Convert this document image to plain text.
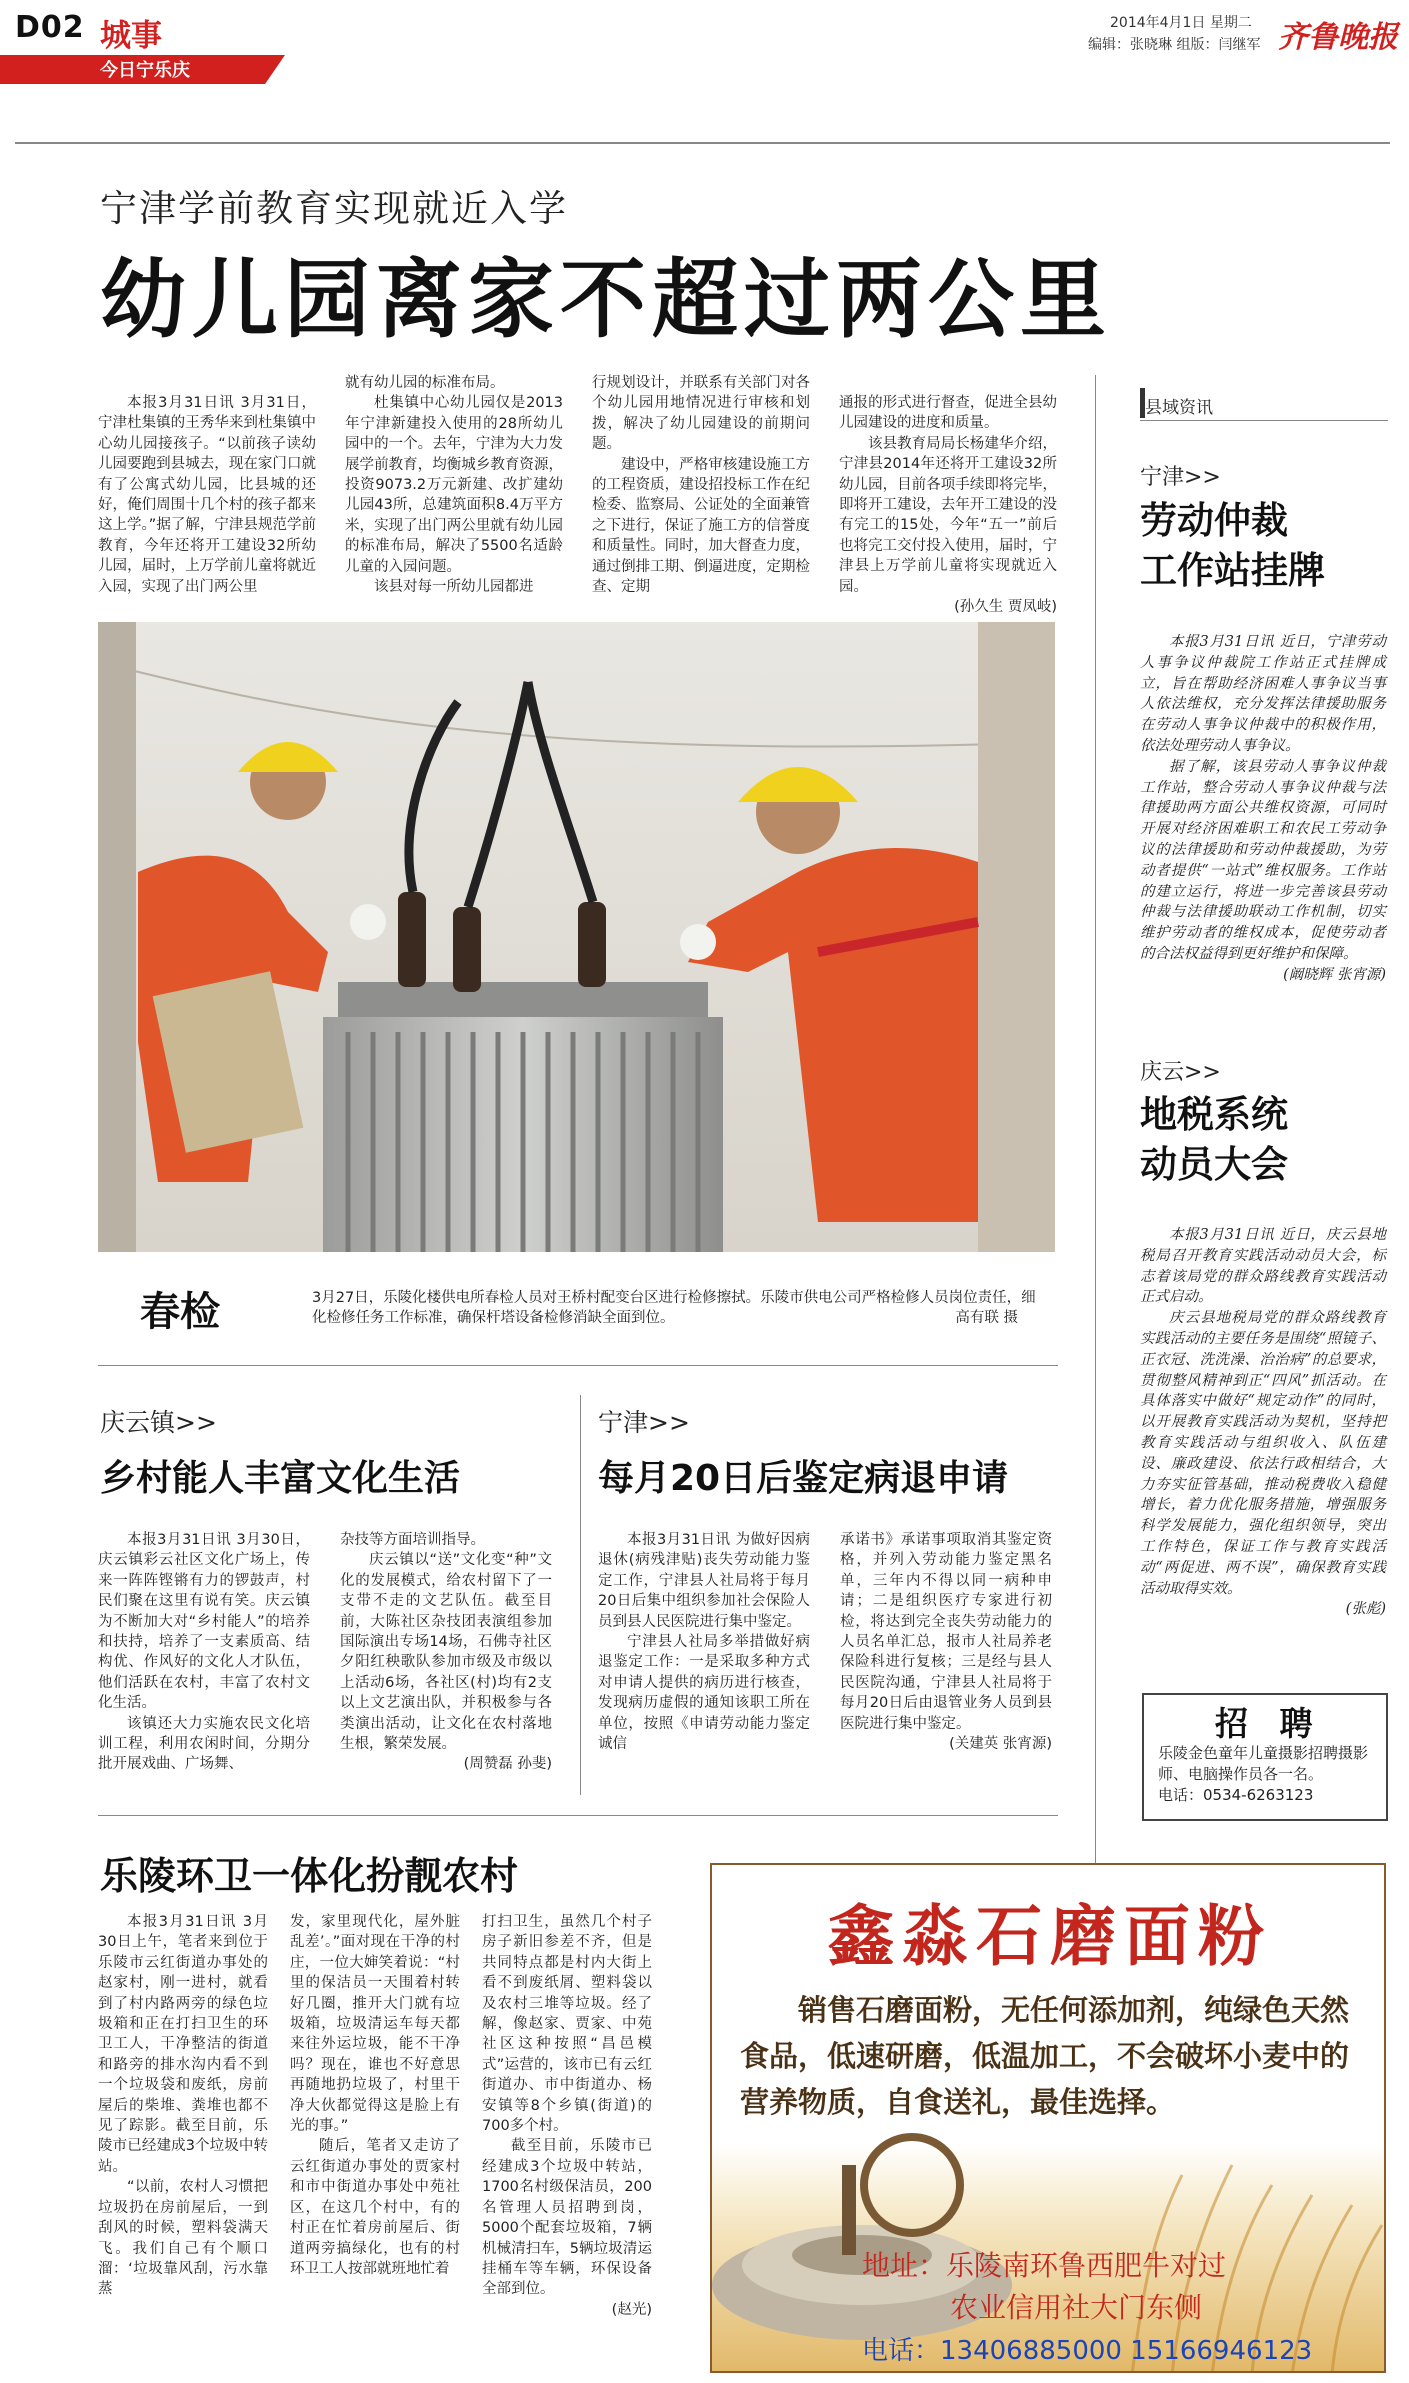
D02 城事
今日宁乐庆
2014年4月1日 星期二
编辑：张晓琳 组版：闫继军 齐鲁晚报
宁津学前教育实现就近入学
幼儿园离家不超过两公里

本报3月31日讯 3月31日，宁津杜集镇的王秀华来到杜集镇中心幼儿园接孩子。“以前孩子读幼儿园要跑到县城去，现在家门口就有了公寓式幼儿园，比县城的还好，俺们周围十几个村的孩子都来这上学。”据了解，宁津县规范学前教育，今年还将开工建设32所幼儿园，届时，上万学前儿童将就近入园，实现了出门两公里

就有幼儿园的标准布局。

杜集镇中心幼儿园仅是2013年宁津新建投入使用的28所幼儿园中的一个。去年，宁津为大力发展学前教育，均衡城乡教育资源，投资9073.2万元新建、改扩建幼儿园43所，总建筑面积8.4万平方米，实现了出门两公里就有幼儿园的标准布局，解决了5500名适龄儿童的入园问题。

该县对每一所幼儿园都进

行规划设计，并联系有关部门对各个幼儿园用地情况进行审核和划拨，解决了幼儿园建设的前期问题。

建设中，严格审核建设施工方的工程资质，建设招投标工作在纪检委、监察局、公证处的全面兼管之下进行，保证了施工方的信誉度和质量性。同时，加大督查力度，通过倒排工期、倒逼进度，定期检查、定期

通报的形式进行督查，促进全县幼儿园建设的进度和质量。

该县教育局局长杨建华介绍，宁津县2014年还将开工建设32所幼儿园，目前各项手续即将完毕，即将开工建设，去年开工建设的没有完工的15处，今年“五一”前后也将完工交付投入使用，届时，宁津县上万学前儿童将实现就近入园。

(孙久生 贾凤岐)
春检	3月27日，乐陵化楼供电所春检人员对王桥村配变台区进行检修擦拭。乐陵市供电公司严格检修人员岗位责任，细化检修任务工作标准，确保杆塔设备检修消缺全面到位。	高有联 摄
县域资讯
宁津>>
劳动仲裁
工作站挂牌

本报3月31日讯 近日，宁津劳动人事争议仲裁院工作站正式挂牌成立，旨在帮助经济困难人事争议当事人依法维权，充分发挥法律援助服务在劳动人事争议仲裁中的积极作用，依法处理劳动人事争议。

据了解，该县劳动人事争议仲裁工作站，整合劳动人事争议仲裁与法律援助两方面公共维权资源，可同时开展对经济困难职工和农民工劳动争议的法律援助和劳动仲裁援助，为劳动者提供“一站式”维权服务。工作站的建立运行，将进一步完善该县劳动仲裁与法律援助联动工作机制，切实维护劳动者的维权成本，促使劳动者的合法权益得到更好维护和保障。

(阚晓辉 张宵源)
庆云>>
地税系统
动员大会

本报3月31日讯 近日，庆云县地税局召开教育实践活动动员大会，标志着该局党的群众路线教育实践活动正式启动。

庆云县地税局党的群众路线教育实践活动的主要任务是围绕“照镜子、正衣冠、洗洗澡、治治病”的总要求，贯彻整风精神到正“四风”抓活动。在具体落实中做好“规定动作”的同时，以开展教育实践活动为契机，坚持把教育实践活动与组织收入、队伍建设、廉政建设、依法行政相结合，大力夯实征管基础，推动税费收入稳健增长，着力优化服务措施，增强服务科学发展能力，强化组织领导，突出工作特色，保证工作与教育实践活动“两促进、两不误”，确保教育实践活动取得实效。

(张彪)
庆云镇>>
乡村能人丰富文化生活

本报3月31日讯 3月30日，庆云镇彩云社区文化广场上，传来一阵阵铿锵有力的锣鼓声，村民们聚在这里有说有笑。庆云镇为不断加大对“乡村能人”的培养和扶持，培养了一支素质高、结构优、作风好的文化人才队伍，他们活跃在农村，丰富了农村文化生活。

该镇还大力实施农民文化培训工程，利用农闲时间，分期分批开展戏曲、广场舞、

杂技等方面培训指导。

庆云镇以“送”文化变“种”文化的发展模式，给农村留下了一支带不走的文艺队伍。截至目前，大陈社区杂技团表演组参加国际演出专场14场，石佛寺社区夕阳红秧歌队参加市级及市级以上活动6场，各社区(村)均有2支以上文艺演出队，并积极参与各类演出活动，让文化在农村落地生根，繁荣发展。

(周赞磊 孙斐)
宁津>>
每月20日后鉴定病退申请

本报3月31日讯 为做好因病退休(病残津贴)丧失劳动能力鉴定工作，宁津县人社局将于每月20日后集中组织参加社会保险人员到县人民医院进行集中鉴定。

宁津县人社局多举措做好病退鉴定工作：一是采取多种方式对申请人提供的病历进行核查，发现病历虚假的通知该职工所在单位，按照《申请劳动能力鉴定诚信

承诺书》承诺事项取消其鉴定资格，并列入劳动能力鉴定黑名单，三年内不得以同一病种申请；二是组织医疗专家进行初检，将达到完全丧失劳动能力的人员名单汇总，报市人社局养老保险科进行复核；三是经与县人民医院沟通，宁津县人社局将于每月20日后由退管业务人员到县医院进行集中鉴定。

(关建英 张宵源)
招 聘
乐陵金色童年儿童摄影招聘摄影师、电脑操作员各一名。
电话：0534-6263123
乐陵环卫一体化扮靓农村

本报3月31日讯 3月30日上午，笔者来到位于乐陵市云红街道办事处的赵家村，刚一进村，就看到了村内路两旁的绿色垃圾箱和正在打扫卫生的环卫工人，干净整洁的街道和路旁的排水沟内看不到一个垃圾袋和废纸，房前屋后的柴堆、粪堆也都不见了踪影。截至目前，乐陵市已经建成3个垃圾中转站。

“以前，农村人习惯把垃圾扔在房前屋后，一到刮风的时候，塑料袋满天飞。我们自己有个顺口溜：‘垃圾靠风刮，污水靠蒸

发，家里现代化，屋外脏乱差’。”面对现在干净的村庄，一位大婶笑着说：“村里的保洁员一天围着村转好几圈，推开大门就有垃圾箱，垃圾清运车每天都来往外运垃圾，能不干净吗？现在，谁也不好意思再随地扔垃圾了，村里干净大伙都觉得这是脸上有光的事。”

随后，笔者又走访了云红街道办事处的贾家村和市中街道办事处中苑社区，在这几个村中，有的村正在忙着房前屋后、街道两旁搞绿化，也有的村环卫工人按部就班地忙着

打扫卫生，虽然几个村子房子新旧参差不齐，但是共同特点都是村内大街上看不到废纸屑、塑料袋以及农村三堆等垃圾。经了解，像赵家、贾家、中苑社区这种按照“昌邑模式”运营的，该市已有云红街道办、市中街道办、杨安镇等8个乡镇(街道)的700多个村。

截至目前，乐陵市已经建成3个垃圾中转站，1700名村级保洁员，200名管理人员招聘到岗，5000个配套垃圾箱，7辆机械清扫车，5辆垃圾清运挂桶车等车辆，环保设备全部到位。

(赵光)
鑫淼石磨面粉
销售石磨面粉，无任何添加剂，纯绿色天然食品，低速研磨，低温加工，不会破坏小麦中的营养物质，自食送礼，最佳选择。
地址：乐陵南环鲁西肥牛对过
农业信用社大门东侧
电话：13406885000 15166946123
